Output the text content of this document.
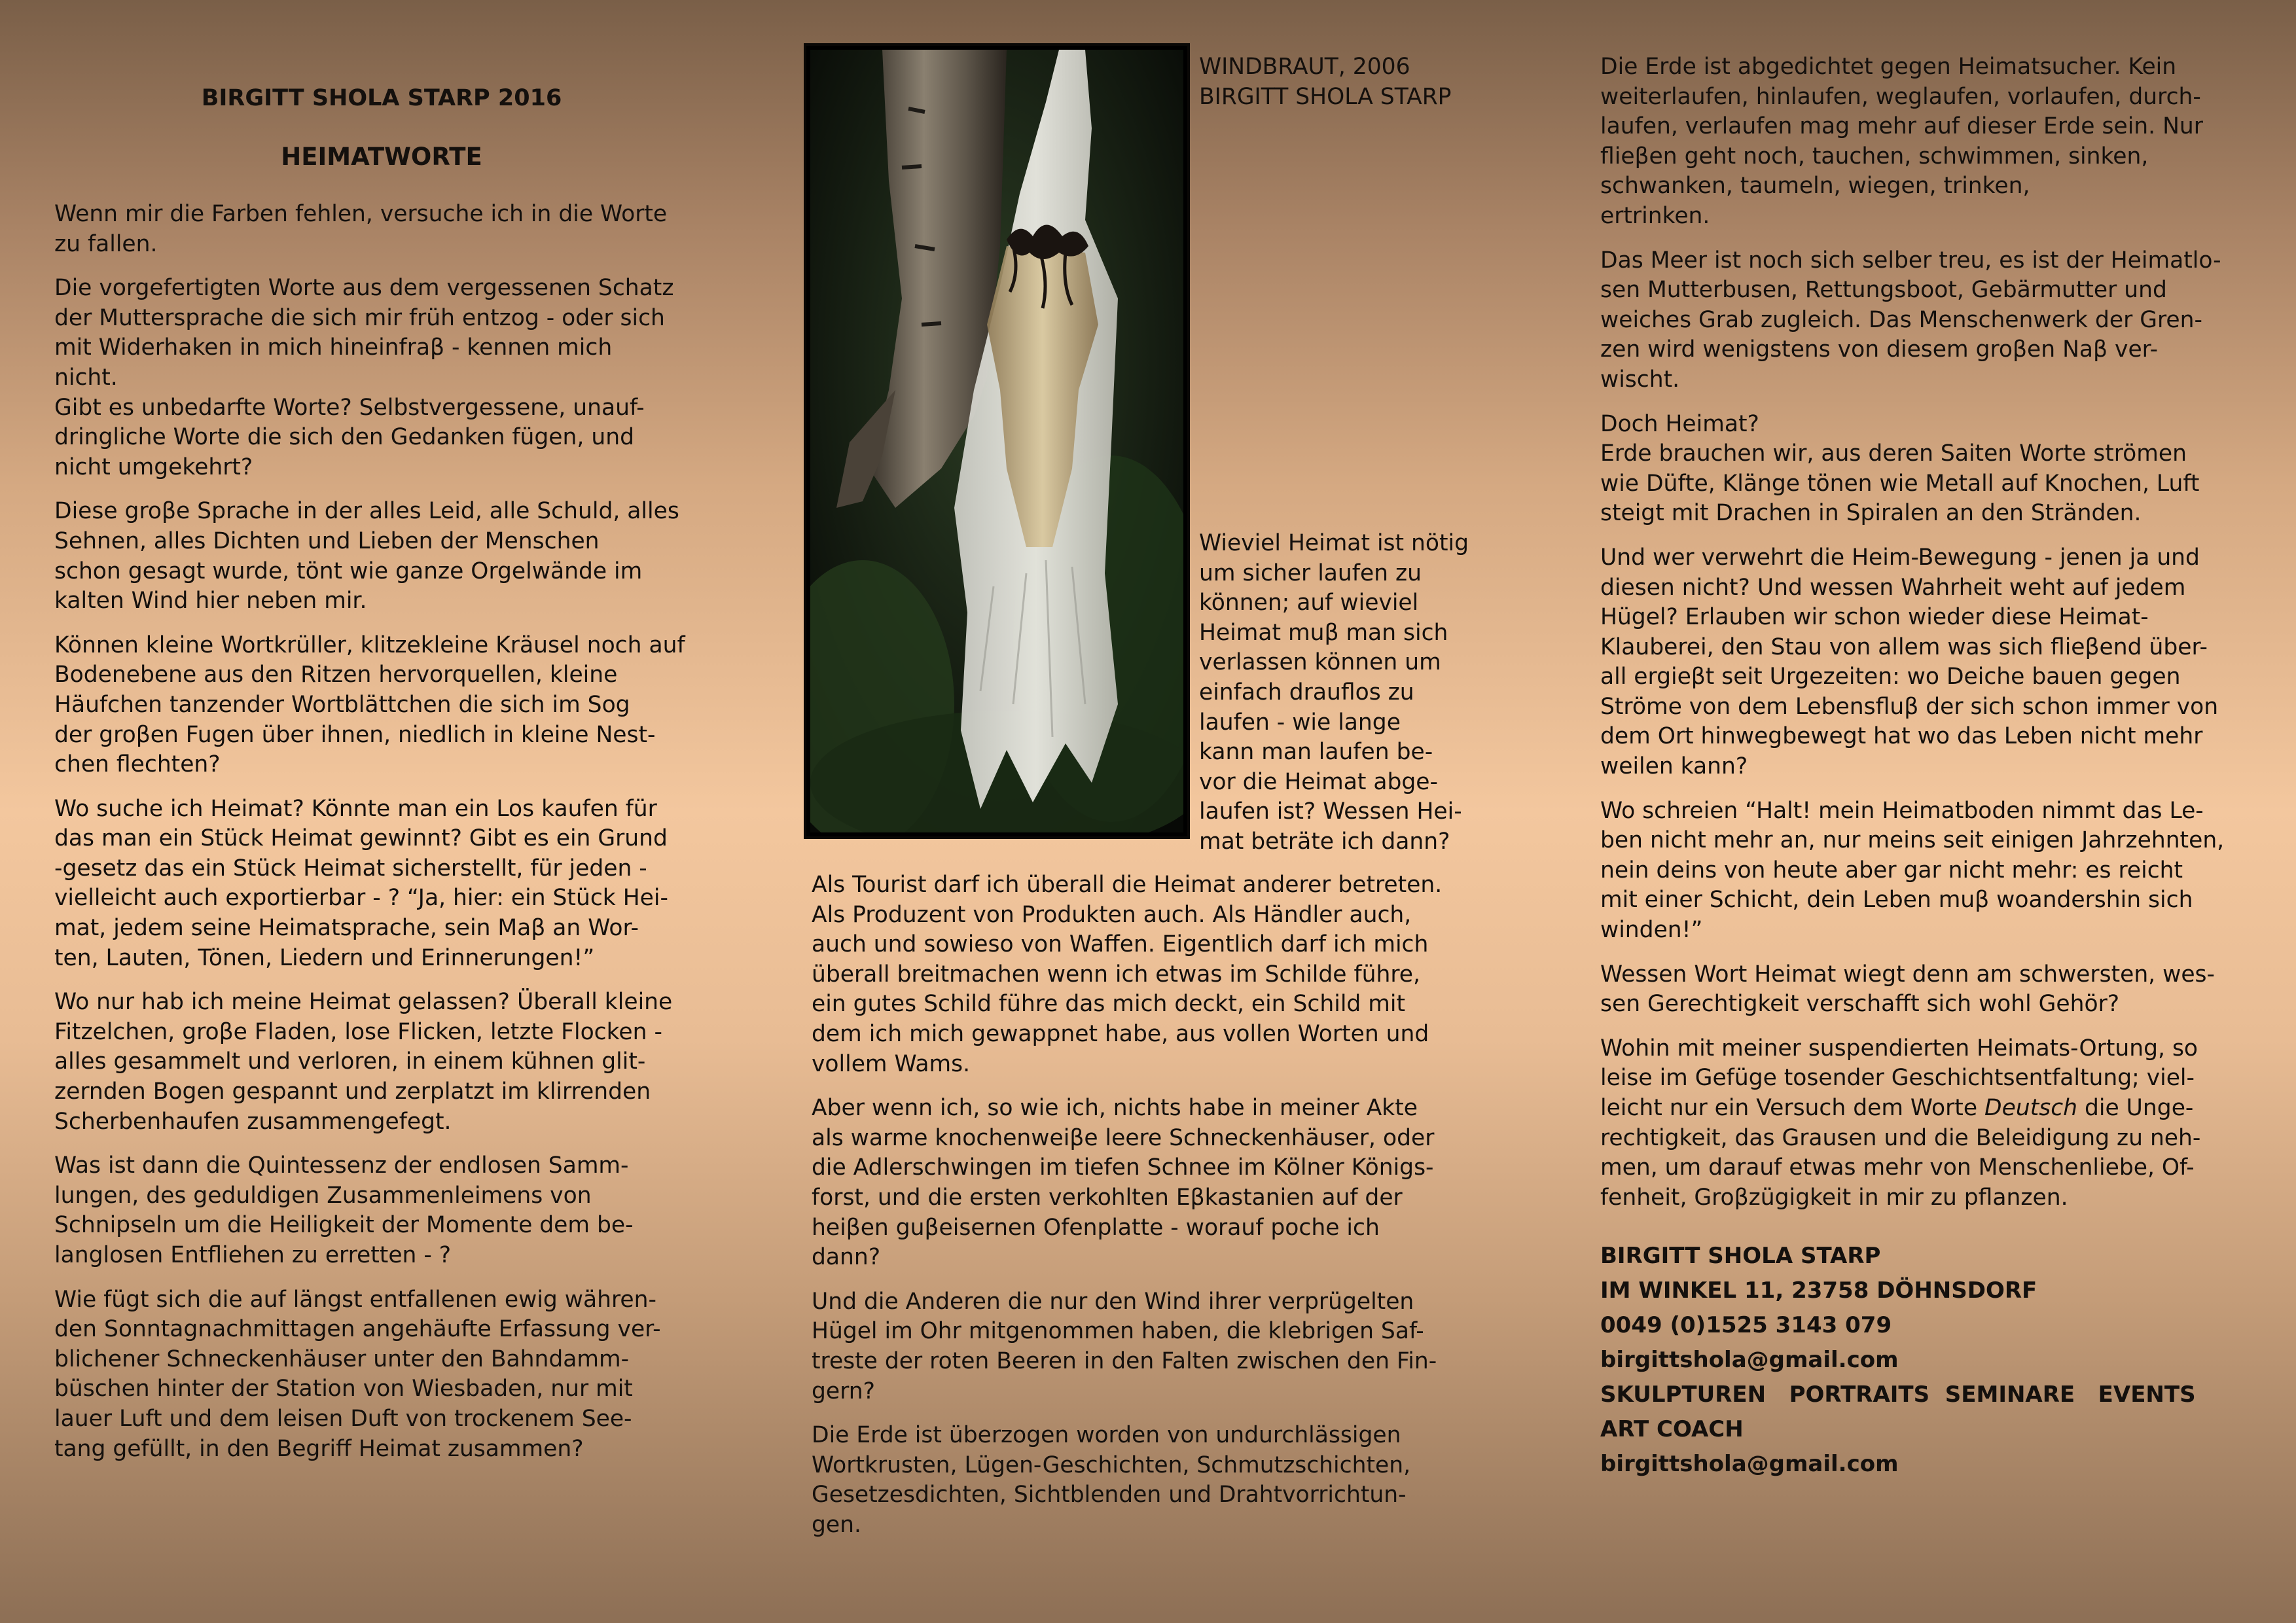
BIRGITT SHOLA STARP 2016

HEIMATWORTE

Wenn mir die Farben fehlen, versuche ich in die Worte
zu fallen.

Die vorgefertigten Worte aus dem vergessenen Schatz
der Muttersprache die sich mir früh entzog - oder sich
mit Widerhaken in mich hineinfraβ - kennen mich
nicht.
Gibt es unbedarfte Worte? Selbstvergessene, unauf-
dringliche Worte die sich den Gedanken fügen, und
nicht umgekehrt?

Diese groβe Sprache in der alles Leid, alle Schuld, alles
Sehnen, alles Dichten und Lieben der Menschen
schon gesagt wurde, tönt wie ganze Orgelwände im
kalten Wind hier neben mir.

Können kleine Wortkrüller, klitzekleine Kräusel noch auf
Bodenebene aus den Ritzen hervorquellen, kleine
Häufchen tanzender Wortblättchen die sich im Sog
der groβen Fugen über ihnen, niedlich in kleine Nest-
chen flechten?

Wo suche ich Heimat? Könnte man ein Los kaufen für
das man ein Stück Heimat gewinnt? Gibt es ein Grund
-gesetz das ein Stück Heimat sicherstellt, für jeden -
vielleicht auch exportierbar - ? “Ja, hier: ein Stück Hei-
mat, jedem seine Heimatsprache, sein Maβ an Wor-
ten, Lauten, Tönen, Liedern und Erinnerungen!”

Wo nur hab ich meine Heimat gelassen? Überall kleine
Fitzelchen, groβe Fladen, lose Flicken, letzte Flocken -
alles gesammelt und verloren, in einem kühnen glit-
zernden Bogen gespannt und zerplatzt im klirrenden
Scherbenhaufen zusammengefegt.

Was ist dann die Quintessenz der endlosen Samm-
lungen, des geduldigen Zusammenleimens von
Schnipseln um die Heiligkeit der Momente dem be-
langlosen Entfliehen zu erretten - ?

Wie fügt sich die auf längst entfallenen ewig währen-
den Sonntagnachmittagen angehäufte Erfassung ver-
blichener Schneckenhäuser unter den Bahndamm-
büschen hinter der Station von Wiesbaden, nur mit
lauer Luft und dem leisen Duft von trockenem See-
tang gefüllt, in den Begriff Heimat zusammen?

WINDBRAUT, 2006
BIRGITT SHOLA STARP

Wieviel Heimat ist nötig
um sicher laufen zu
können; auf wieviel
Heimat muβ man sich
verlassen können um
einfach drauflos zu
laufen - wie lange
kann man laufen be-
vor die Heimat abge-
laufen ist? Wessen Hei-
mat beträte ich dann?

Als Tourist darf ich überall die Heimat anderer betreten.
Als Produzent von Produkten auch. Als Händler auch,
auch und sowieso von Waffen. Eigentlich darf ich mich
überall breitmachen wenn ich etwas im Schilde führe,
ein gutes Schild führe das mich deckt, ein Schild mit
dem ich mich gewappnet habe, aus vollen Worten und
vollem Wams.

Aber wenn ich, so wie ich, nichts habe in meiner Akte
als warme knochenweiβe leere Schneckenhäuser, oder
die Adlerschwingen im tiefen Schnee im Kölner Königs-
forst, und die ersten verkohlten Eβkastanien auf der
heiβen guβeisernen Ofenplatte - worauf poche ich
dann?

Und die Anderen die nur den Wind ihrer verprügelten
Hügel im Ohr mitgenommen haben, die klebrigen Saf-
treste der roten Beeren in den Falten zwischen den Fin-
gern?

Die Erde ist überzogen worden von undurchlässigen
Wortkrusten, Lügen-Geschichten, Schmutzschichten,
Gesetzesdichten, Sichtblenden und Drahtvorrichtun-
gen.

Die Erde ist abgedichtet gegen Heimatsucher. Kein
weiterlaufen, hinlaufen, weglaufen, vorlaufen, durch-
laufen, verlaufen mag mehr auf dieser Erde sein. Nur
flieβen geht noch, tauchen, schwimmen, sinken,
schwanken, taumeln, wiegen, trinken,
ertrinken.

Das Meer ist noch sich selber treu, es ist der Heimatlo-
sen Mutterbusen, Rettungsboot, Gebärmutter und
weiches Grab zugleich. Das Menschenwerk der Gren-
zen wird wenigstens von diesem groβen Naβ ver-
wischt.

Doch Heimat?
Erde brauchen wir, aus deren Saiten Worte strömen
wie Düfte, Klänge tönen wie Metall auf Knochen, Luft
steigt mit Drachen in Spiralen an den Stränden.

Und wer verwehrt die Heim-Bewegung - jenen ja und
diesen nicht? Und wessen Wahrheit weht auf jedem
Hügel? Erlauben wir schon wieder diese Heimat-
Klauberei, den Stau von allem was sich flieβend über-
all ergieβt seit Urgezeiten: wo Deiche bauen gegen
Ströme von dem Lebensfluβ der sich schon immer von
dem Ort hinwegbewegt hat wo das Leben nicht mehr
weilen kann?

Wo schreien “Halt! mein Heimatboden nimmt das Le-
ben nicht mehr an, nur meins seit einigen Jahrzehnten,
nein deins von heute aber gar nicht mehr: es reicht
mit einer Schicht, dein Leben muβ woandershin sich
winden!”

Wessen Wort Heimat wiegt denn am schwersten, wes-
sen Gerechtigkeit verschafft sich wohl Gehör?

Wohin mit meiner suspendierten Heimats-Ortung, so
leise im Gefüge tosender Geschichtsentfaltung; viel-
leicht nur ein Versuch dem Worte Deutsch die Unge-
rechtigkeit, das Grausen und die Beleidigung zu neh-
men, um darauf etwas mehr von Menschenliebe, Of-
fenheit, Groβzügigkeit in mir zu pflanzen.

BIRGITT SHOLA STARP

IM WINKEL 11, 23758 DÖHNSDORF

0049 (0)1525 3143 079

birgittshola@gmail.com

SKULPTUREN   PORTRAITS  SEMINARE   EVENTS

ART COACH

birgittshola@gmail.com
